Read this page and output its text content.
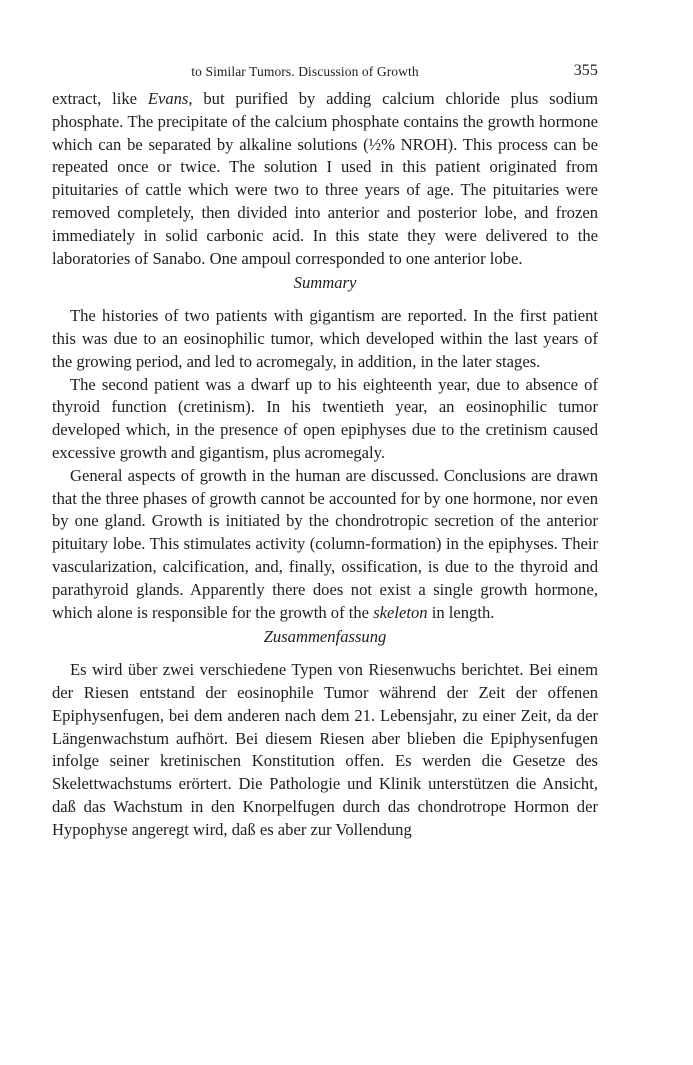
to Similar Tumors. Discussion of Growth	355

extract, like Evans, but purified by adding calcium chloride plus sodium phosphate. The precipitate of the calcium phosphate contains the growth hormone which can be separated by alkaline solutions (½% NROH). This process can be repeated once or twice. The solution I used in this patient originated from pituitaries of cattle which were two to three years of age. The pituitaries were removed completely, then divided into anterior and posterior lobe, and frozen immediately in solid carbonic acid. In this state they were delivered to the laboratories of Sanabo. One ampoul corresponded to one anterior lobe.

Summary

The histories of two patients with gigantism are reported. In the first patient this was due to an eosinophilic tumor, which developed within the last years of the growing period, and led to acromegaly, in addition, in the later stages.

The second patient was a dwarf up to his eighteenth year, due to absence of thyroid function (cretinism). In his twentieth year, an eosinophilic tumor developed which, in the presence of open epiphyses due to the cretinism caused excessive growth and gigantism, plus acromegaly.

General aspects of growth in the human are discussed. Conclusions are drawn that the three phases of growth cannot be accounted for by one hormone, nor even by one gland. Growth is initiated by the chondrotropic secretion of the anterior pituitary lobe. This stimulates activity (column-formation) in the epiphyses. Their vascularization, calcification, and, finally, ossification, is due to the thyroid and parathyroid glands. Apparently there does not exist a single growth hormone, which alone is responsible for the growth of the skeleton in length.

Zusammenfassung

Es wird über zwei verschiedene Typen von Riesenwuchs berichtet. Bei einem der Riesen entstand der eosinophile Tumor während der Zeit der offenen Epiphysenfugen, bei dem anderen nach dem 21. Lebensjahr, zu einer Zeit, da der Längenwachstum aufhört. Bei diesem Riesen aber blieben die Epiphysenfugen infolge seiner kretinischen Konstitution offen. Es werden die Gesetze des Skelettwachstums erörtert. Die Pathologie und Klinik unterstützen die Ansicht, daß das Wachstum in den Knorpelfugen durch das chondrotrope Hormon der Hypophyse angeregt wird, daß es aber zur Vollendung
